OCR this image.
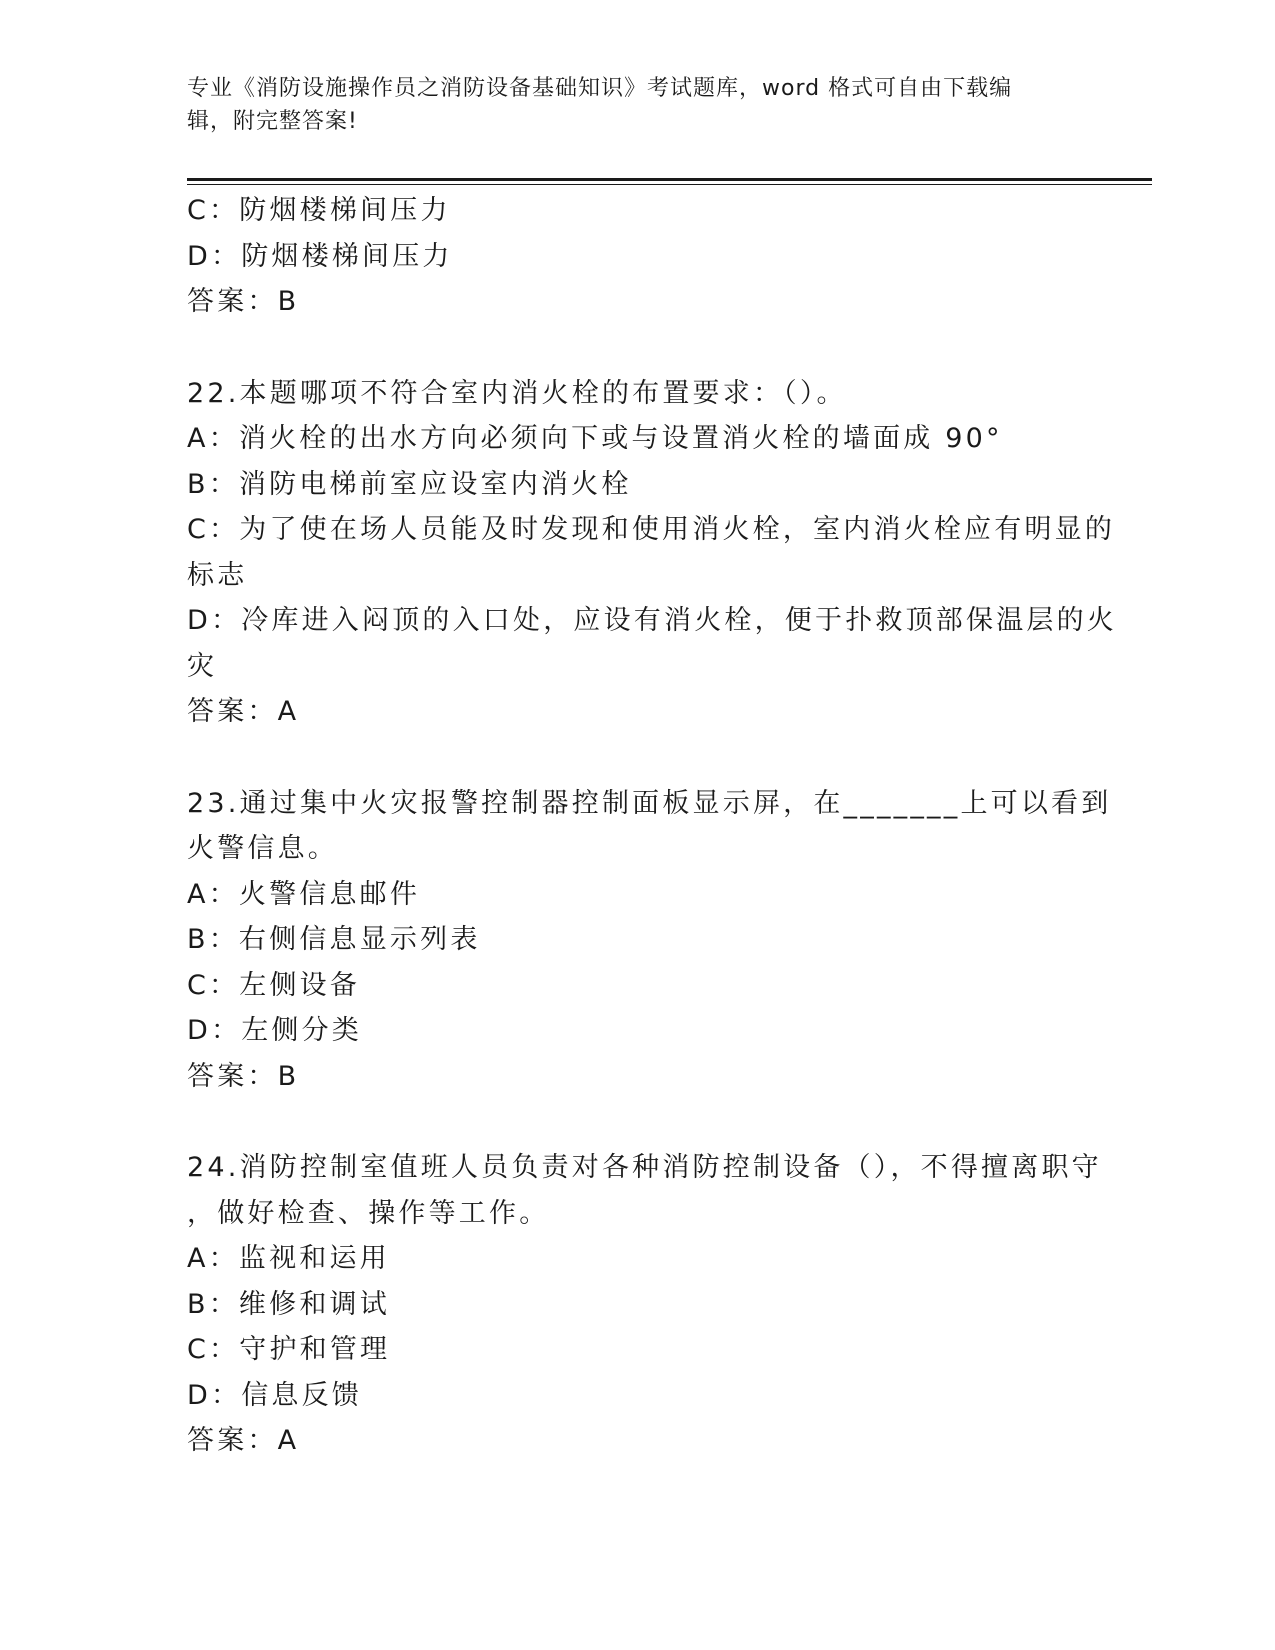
专业《消防设施操作员之消防设备基础知识》考试题库，word 格式可自由下载编
辑，附完整答案!

C：防烟楼梯间压力

D：防烟楼梯间压力

答案：B

22.本题哪项不符合室内消火栓的布置要求：（）。

A：消火栓的出水方向必须向下或与设置消火栓的墙面成 90°

B：消防电梯前室应设室内消火栓

C：为了使在场人员能及时发现和使用消火栓，室内消火栓应有明显的

标志

D：冷库进入闷顶的入口处，应设有消火栓，便于扑救顶部保温层的火

灾

答案：A

23.通过集中火灾报警控制器控制面板显示屏，在_______上可以看到

火警信息。

A：火警信息邮件

B：右侧信息显示列表

C：左侧设备

D：左侧分类

答案：B

24.消防控制室值班人员负责对各种消防控制设备（），不得擅离职守

，做好检查、操作等工作。

A：监视和运用

B：维修和调试

C：守护和管理

D：信息反馈

答案：A
